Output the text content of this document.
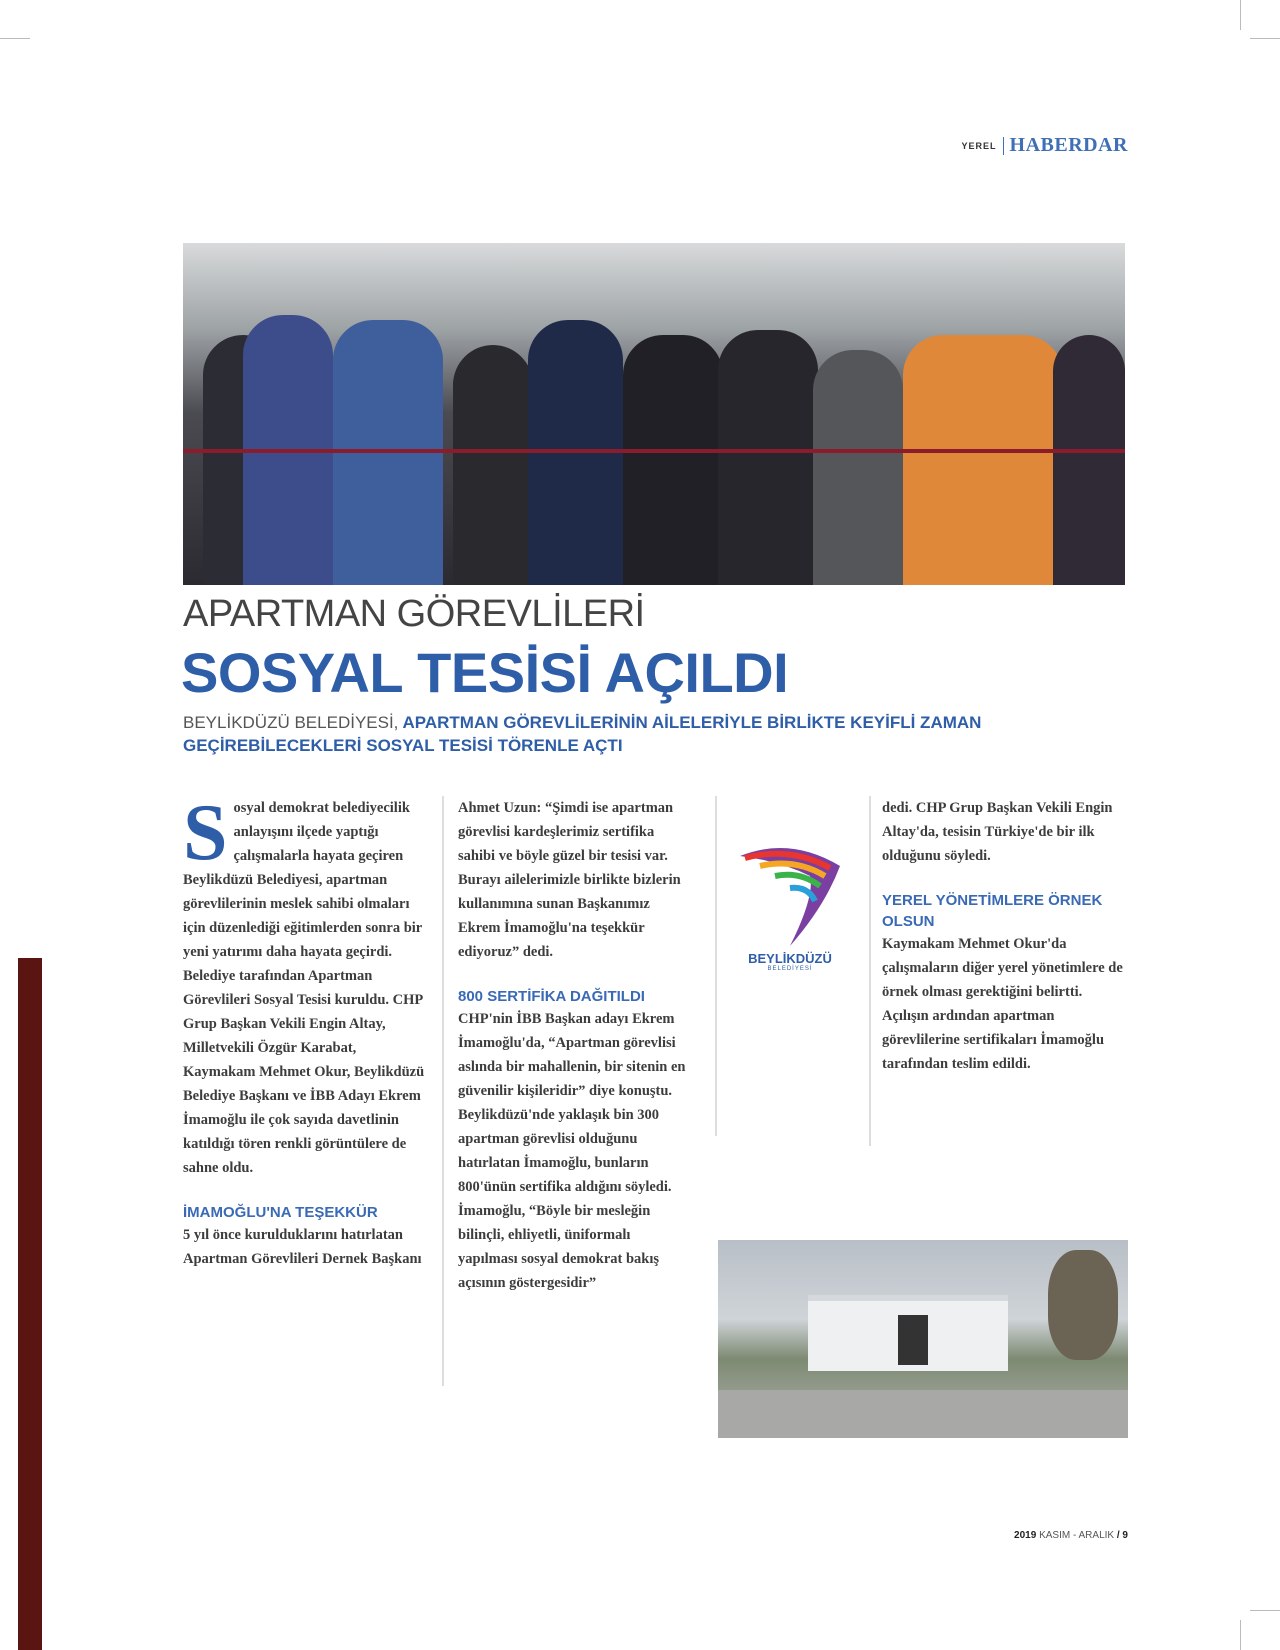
YEREL HABERDAR
APARTMAN GÖREVLİLERİ
SOSYAL TESİSİ AÇILDI
BEYLİKDÜZÜ BELEDİYESİ, APARTMAN GÖREVLİLERİNİN AİLELERİYLE BİRLİKTE KEYİFLİ ZAMAN GEÇİREBİLECEKLERİ SOSYAL TESİSİ TÖRENLE AÇTI

Sosyal demokrat belediyecilik anlayışını ilçede yaptığı çalışmalarla hayata geçiren Beylikdüzü Belediyesi, apartman görevlilerinin meslek sahibi olmaları için düzenlediği eğitimlerden sonra bir yeni yatırımı daha hayata geçirdi. Belediye tarafından Apartman Görevlileri Sosyal Tesisi kuruldu. CHP Grup Başkan Vekili Engin Altay, Milletvekili Özgür Karabat, Kaymakam Mehmet Okur, Beylikdüzü Belediye Başkanı ve İBB Adayı Ekrem İmamoğlu ile çok sayıda davetlinin katıldığı tören renkli görüntülere de sahne oldu.

İMAMOĞLU'NA TEŞEKKÜR

5 yıl önce kurulduklarını hatırlatan Apartman Görevlileri Dernek Başkanı

Ahmet Uzun: “Şimdi ise apartman görevlisi kardeşlerimiz sertifika sahibi ve böyle güzel bir tesisi var. Burayı ailelerimizle birlikte bizlerin kullanımına sunan Başkanımız Ekrem İmamoğlu'na teşekkür ediyoruz” dedi.

800 SERTİFİKA DAĞITILDI

CHP'nin İBB Başkan adayı Ekrem İmamoğlu'da, “Apartman görevlisi aslında bir mahallenin, bir sitenin en güvenilir kişileridir” diye konuştu. Beylikdüzü'nde yaklaşık bin 300 apartman görevlisi olduğunu hatırlatan İmamoğlu, bunların 800'ünün sertifika aldığını söyledi. İmamoğlu, “Böyle bir mesleğin bilinçli, ehliyetli, üniformalı yapılması sosyal demokrat bakış açısının göstergesidir”

BEYLİKDÜZÜ
BELEDİYESİ

dedi. CHP Grup Başkan Vekili Engin Altay'da, tesisin Türkiye'de bir ilk olduğunu söyledi.

YEREL YÖNETİMLERE ÖRNEK OLSUN

Kaymakam Mehmet Okur'da çalışmaların diğer yerel yönetimlere de örnek olması gerektiğini belirtti. Açılışın ardından apartman görevlilerine sertifikaları İmamoğlu tarafından teslim edildi.

2019 KASIM - ARALIK / 9
